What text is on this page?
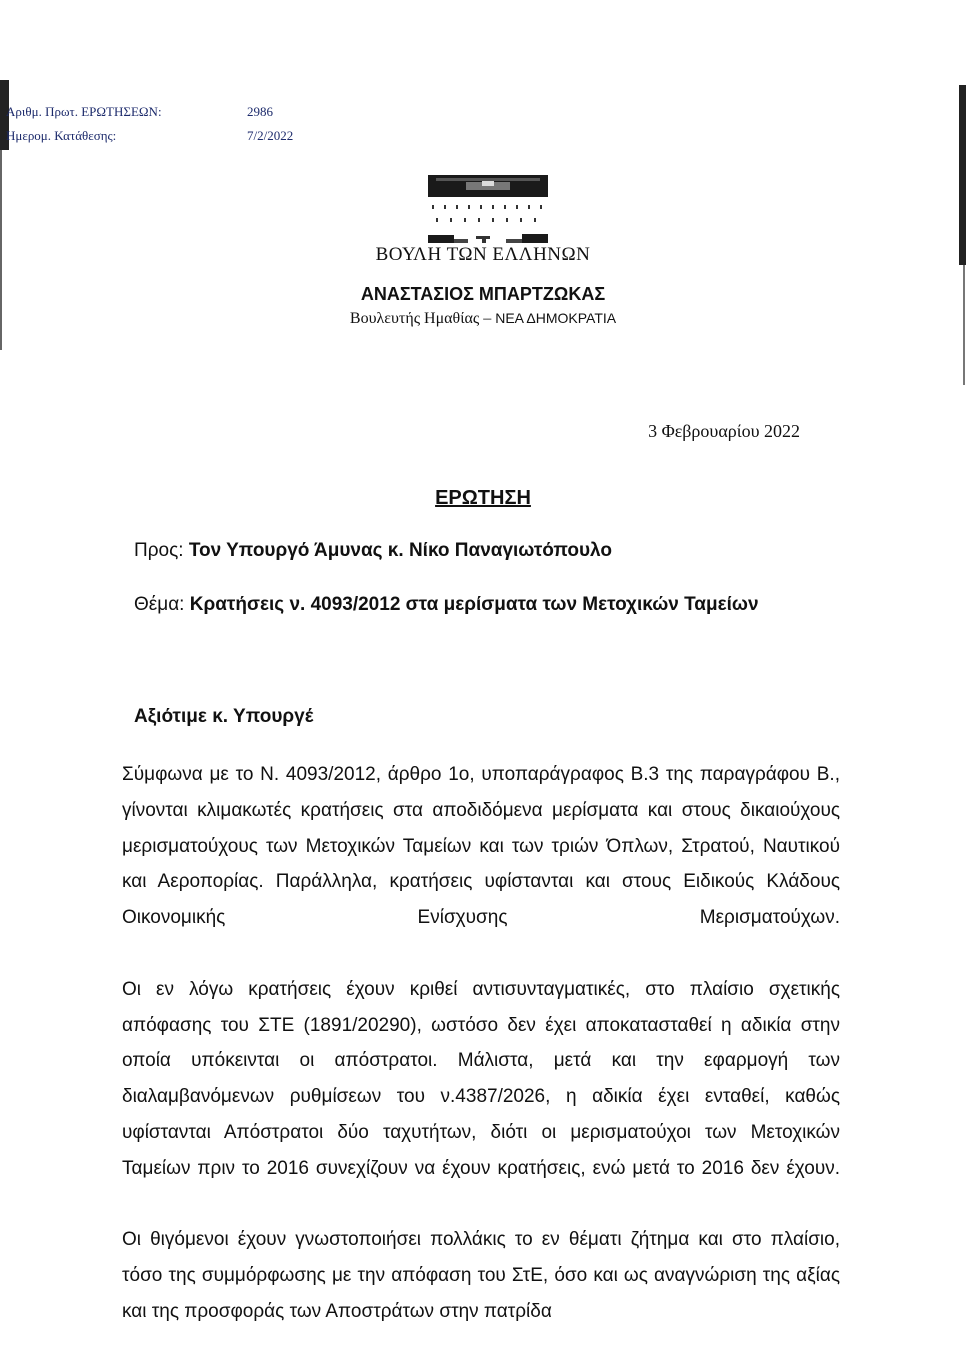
Αριθμ. Πρωτ. ΕΡΩΤΗΣΕΩΝ:	2986
Ημερομ. Κατάθεσης:	7/2/2022
ΒΟΥΛΗ ΤΩΝ ΕΛΛΗΝΩΝ
ΑΝΑΣΤΑΣΙΟΣ ΜΠΑΡΤΖΩΚΑΣ
Βουλευτής Ημαθίας – ΝΕΑ ΔΗΜΟΚΡΑΤΙΑ
3 Φεβρουαρίου 2022
ΕΡΩΤΗΣΗ
Προς: Τον Υπουργό Άμυνας κ. Νίκο Παναγιωτόπουλο
Θέμα: Κρατήσεις ν. 4093/2012 στα μερίσματα των Μετοχικών Ταμείων
Αξιότιμε κ. Υπουργέ

Σύμφωνα με το Ν. 4093/2012, άρθρο 1ο, υποπαράγραφος Β.3 της παραγράφου Β., γίνονται κλιμακωτές κρατήσεις στα αποδιδόμενα μερίσματα και στους δικαιούχους μερισματούχους των Μετοχικών Ταμείων και των τριών Όπλων, Στρατού, Ναυτικού και Αεροπορίας. Παράλληλα, κρατήσεις υφίστανται και στους Ειδικούς Κλάδους Οικονομικής Ενίσχυσης Μερισματούχων.

Οι εν λόγω κρατήσεις έχουν κριθεί αντισυνταγματικές, στο πλαίσιο σχετικής απόφασης του ΣΤΕ (1891/20290), ωστόσο δεν έχει αποκατασταθεί η αδικία στην οποία υπόκεινται οι απόστρατοι. Μάλιστα, μετά και την εφαρμογή των διαλαμβανόμενων ρυθμίσεων του ν.4387/2026, η αδικία έχει ενταθεί, καθώς υφίστανται Απόστρατοι δύο ταχυτήτων, διότι οι μερισματούχοι των Μετοχικών Ταμείων πριν το 2016 συνεχίζουν να έχουν κρατήσεις, ενώ μετά το 2016 δεν έχουν.

Οι θιγόμενοι έχουν γνωστοποιήσει πολλάκις το εν θέματι ζήτημα και στο πλαίσιο, τόσο της συμμόρφωσης με την απόφαση του ΣτΕ, όσο και ως αναγνώριση της αξίας και της προσφοράς των Αποστράτων στην πατρίδα
